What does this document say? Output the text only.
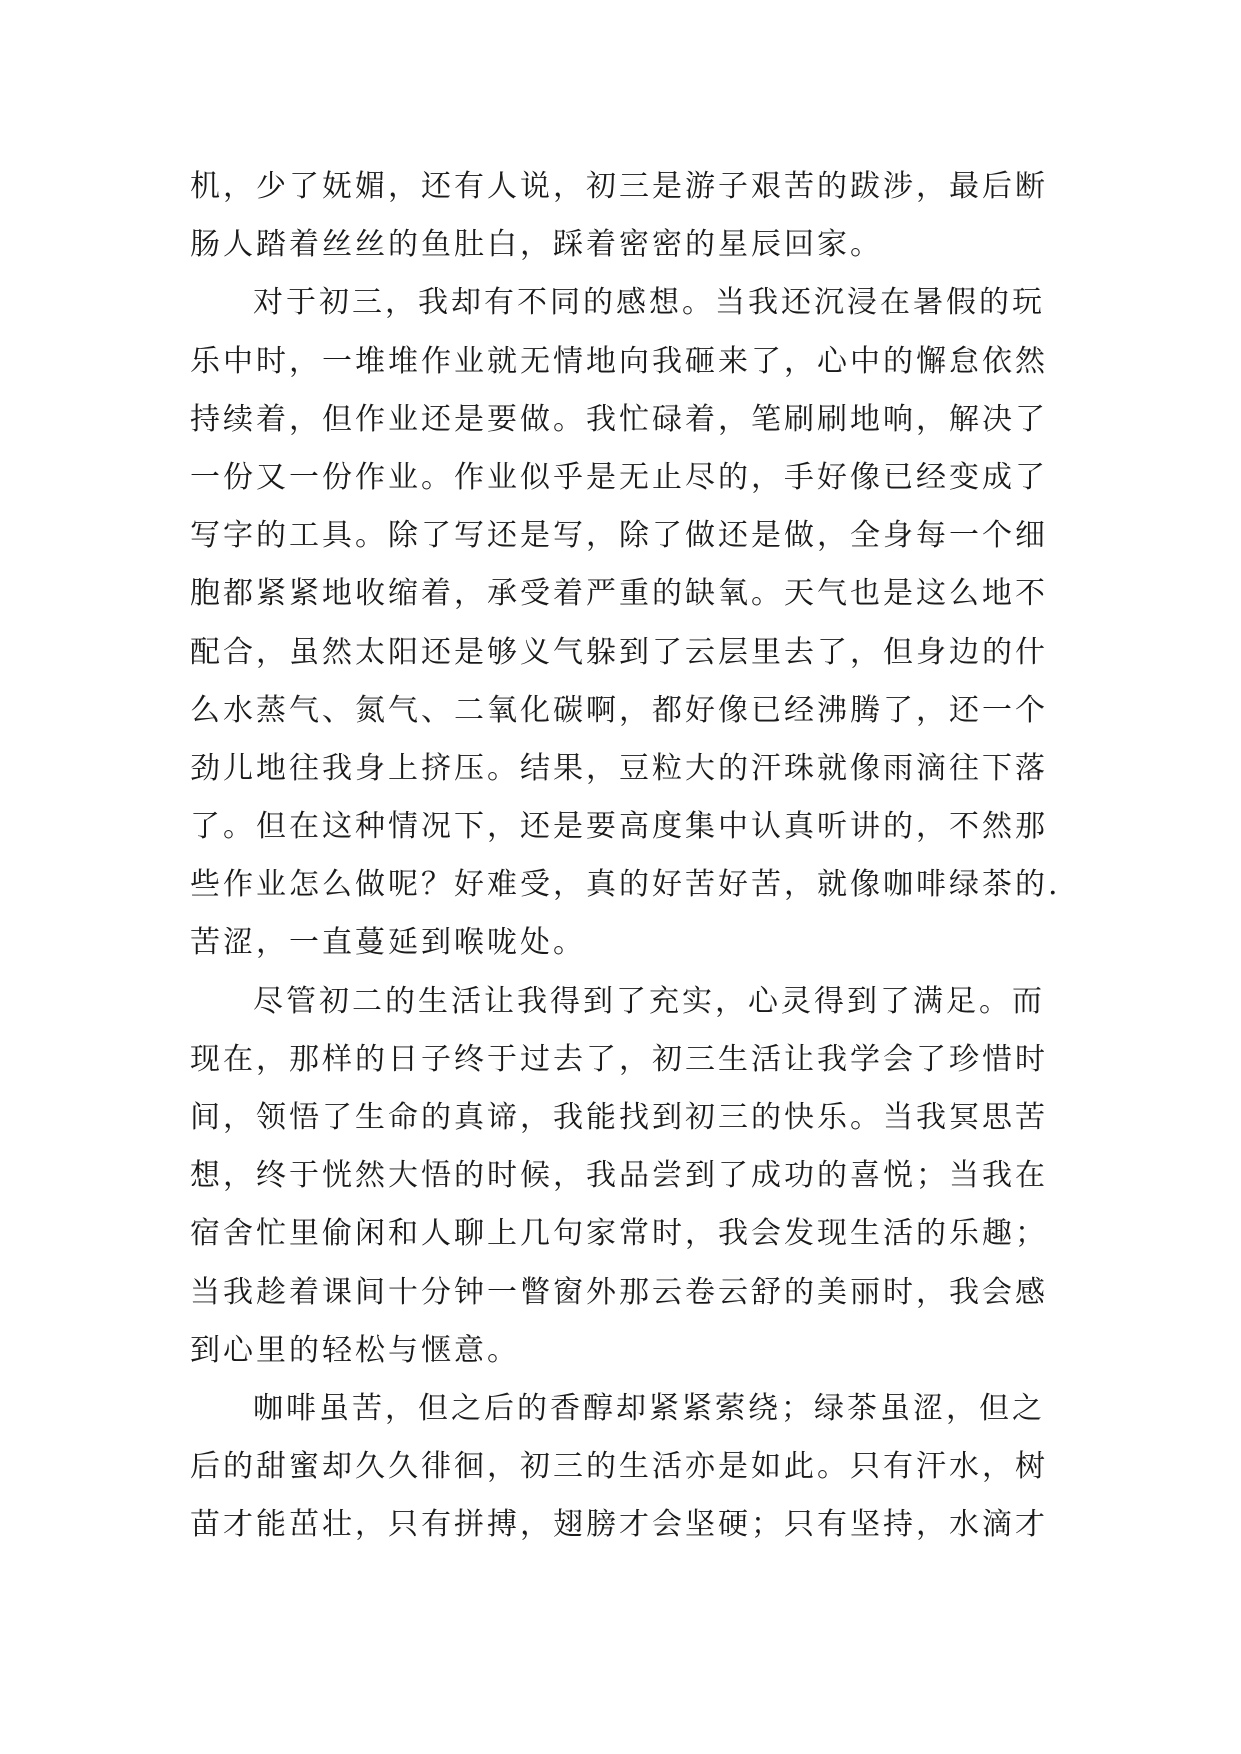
机，少了妩媚，还有人说，初三是游子艰苦的跋涉，最后断
肠人踏着丝丝的鱼肚白，踩着密密的星辰回家。
对于初三，我却有不同的感想。当我还沉浸在暑假的玩
乐中时，一堆堆作业就无情地向我砸来了，心中的懈怠依然
持续着，但作业还是要做。我忙碌着，笔刷刷地响，解决了
一份又一份作业。作业似乎是无止尽的，手好像已经变成了
写字的工具。除了写还是写，除了做还是做，全身每一个细
胞都紧紧地收缩着，承受着严重的缺氧。天气也是这么地不
配合，虽然太阳还是够义气躲到了云层里去了，但身边的什
么水蒸气、氮气、二氧化碳啊，都好像已经沸腾了，还一个
劲儿地往我身上挤压。结果，豆粒大的汗珠就像雨滴往下落
了。但在这种情况下，还是要高度集中认真听讲的，不然那
些作业怎么做呢？好难受，真的好苦好苦，就像咖啡绿茶的.
苦涩，一直蔓延到喉咙处。
尽管初二的生活让我得到了充实，心灵得到了满足。而
现在，那样的日子终于过去了，初三生活让我学会了珍惜时
间，领悟了生命的真谛，我能找到初三的快乐。当我冥思苦
想，终于恍然大悟的时候，我品尝到了成功的喜悦；当我在
宿舍忙里偷闲和人聊上几句家常时，我会发现生活的乐趣；
当我趁着课间十分钟一瞥窗外那云卷云舒的美丽时，我会感
到心里的轻松与惬意。
咖啡虽苦，但之后的香醇却紧紧萦绕；绿茶虽涩，但之
后的甜蜜却久久徘徊，初三的生活亦是如此。只有汗水，树
苗才能茁壮，只有拼搏，翅膀才会坚硬；只有坚持，水滴才
